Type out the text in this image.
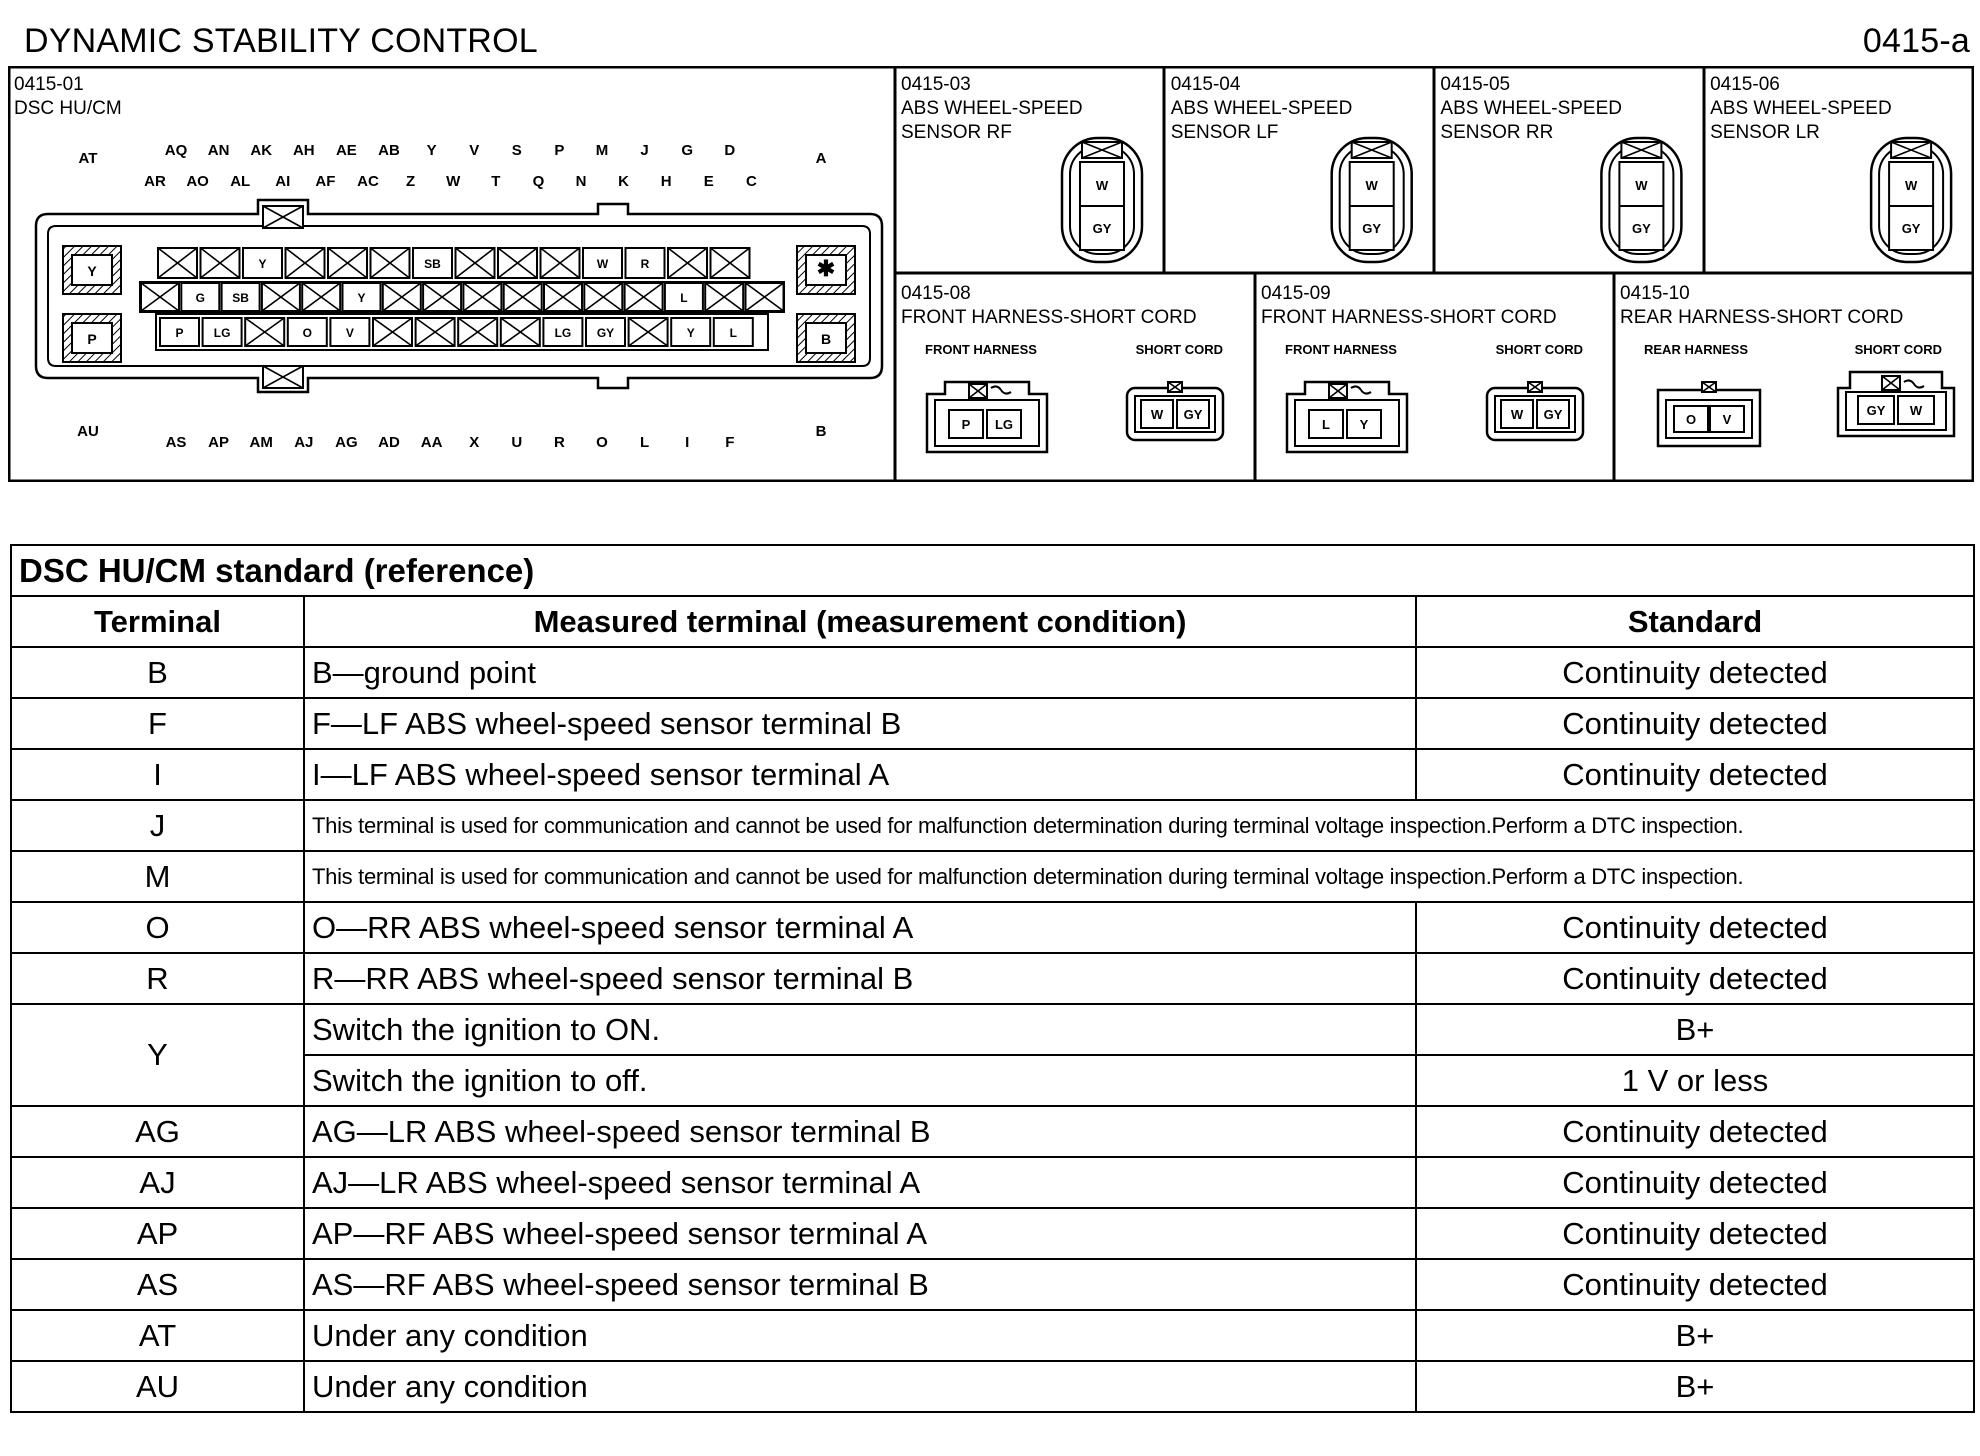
DYNAMIC STABILITY CONTROL	0415-a
0415-01
DSC HU/CM
AT	A
AU	B
AQ AN AK AH AE AB Y V S P M J G D
AR AO AL AI AF AC Z W T Q N K H E C
AS AP AM AJ AG AD AA X U R O L I F
Y
P
✱
B
Y	SB	W	R
G SB	Y	L
P	LG	O	V	LG GY	Y	L
0415-03
ABS WHEEL-SPEED
SENSOR RF
W
GY
0415-04
ABS WHEEL-SPEED
SENSOR LF
W
GY
0415-05
ABS WHEEL-SPEED
SENSOR RR
W
GY
0415-06
ABS WHEEL-SPEED
SENSOR LR
W
GY
0415-08
FRONT HARNESS-SHORT CORD
FRONT HARNESS	SHORT CORD
P LG
W GY
0415-09
FRONT HARNESS-SHORT CORD
FRONT HARNESS	SHORT CORD
L Y
W GY
0415-10
REAR HARNESS-SHORT CORD
REAR HARNESS	SHORT CORD
O V
GY W
DSC HU/CM standard (reference)		
Terminal	Measured terminal (measurement condition)	Standard
B	B—ground point	Continuity detected
F	F—LF ABS wheel-speed sensor terminal B	Continuity detected
I	I—LF ABS wheel-speed sensor terminal A	Continuity detected
J	This terminal is used for communication and cannot be used for malfunction determination during terminal voltage inspection.Perform a DTC inspection.	
M	This terminal is used for communication and cannot be used for malfunction determination during terminal voltage inspection.Perform a DTC inspection.	
O	O—RR ABS wheel-speed sensor terminal A	Continuity detected
R	R—RR ABS wheel-speed sensor terminal B	Continuity detected
Y	Switch the ignition to ON.	B+
	Switch the ignition to off.	1 V or less
AG	AG—LR ABS wheel-speed sensor terminal B	Continuity detected
AJ	AJ—LR ABS wheel-speed sensor terminal A	Continuity detected
AP	AP—RF ABS wheel-speed sensor terminal A	Continuity detected
AS	AS—RF ABS wheel-speed sensor terminal B	Continuity detected
AT	Under any condition	B+
AU	Under any condition	B+
